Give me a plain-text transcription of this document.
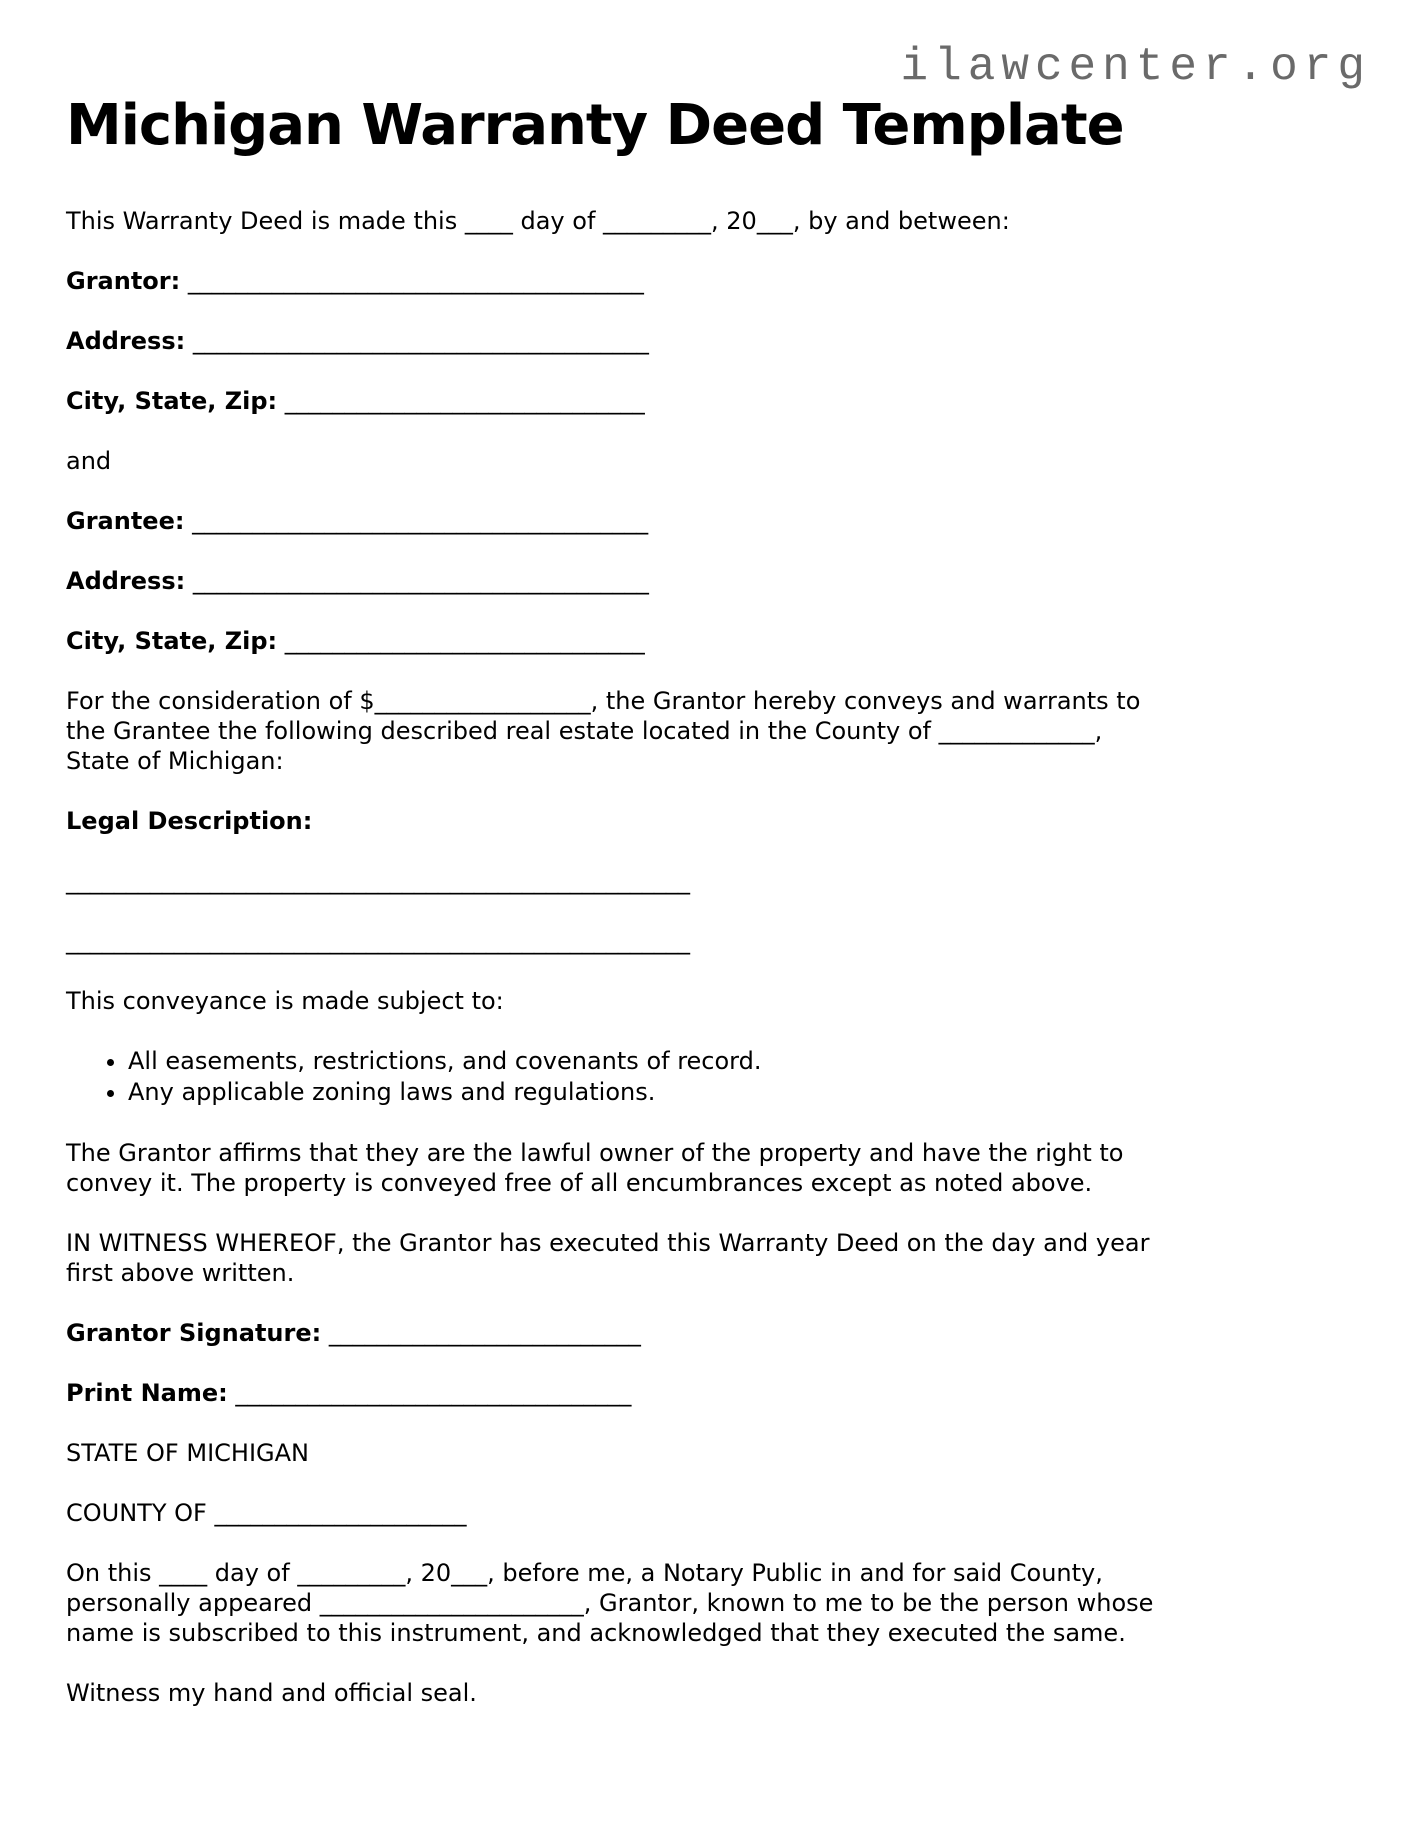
ilawcenter.org
Michigan Warranty Deed Template

This Warranty Deed is made this ____ day of _________, 20___, by and between:

Grantor: ______________________________________

Address: ______________________________________

City, State, Zip: ______________________________

and

Grantee: ______________________________________

Address: ______________________________________

City, State, Zip: ______________________________

For the consideration of $__________________, the Grantor hereby conveys and warrants to the Grantee the following described real estate located in the County of _____________, State of Michigan:

Legal Description:

____________________________________________________

____________________________________________________

This conveyance is made subject to:

• All easements, restrictions, and covenants of record.
• Any applicable zoning laws and regulations.

The Grantor affirms that they are the lawful owner of the property and have the right to convey it. The property is conveyed free of all encumbrances except as noted above.

IN WITNESS WHEREOF, the Grantor has executed this Warranty Deed on the day and year first above written.

Grantor Signature: __________________________

Print Name: _________________________________

STATE OF MICHIGAN

COUNTY OF _____________________

On this ____ day of _________, 20___, before me, a Notary Public in and for said County, personally appeared ______________________, Grantor, known to me to be the person whose name is subscribed to this instrument, and acknowledged that they executed the same.

Witness my hand and official seal.
